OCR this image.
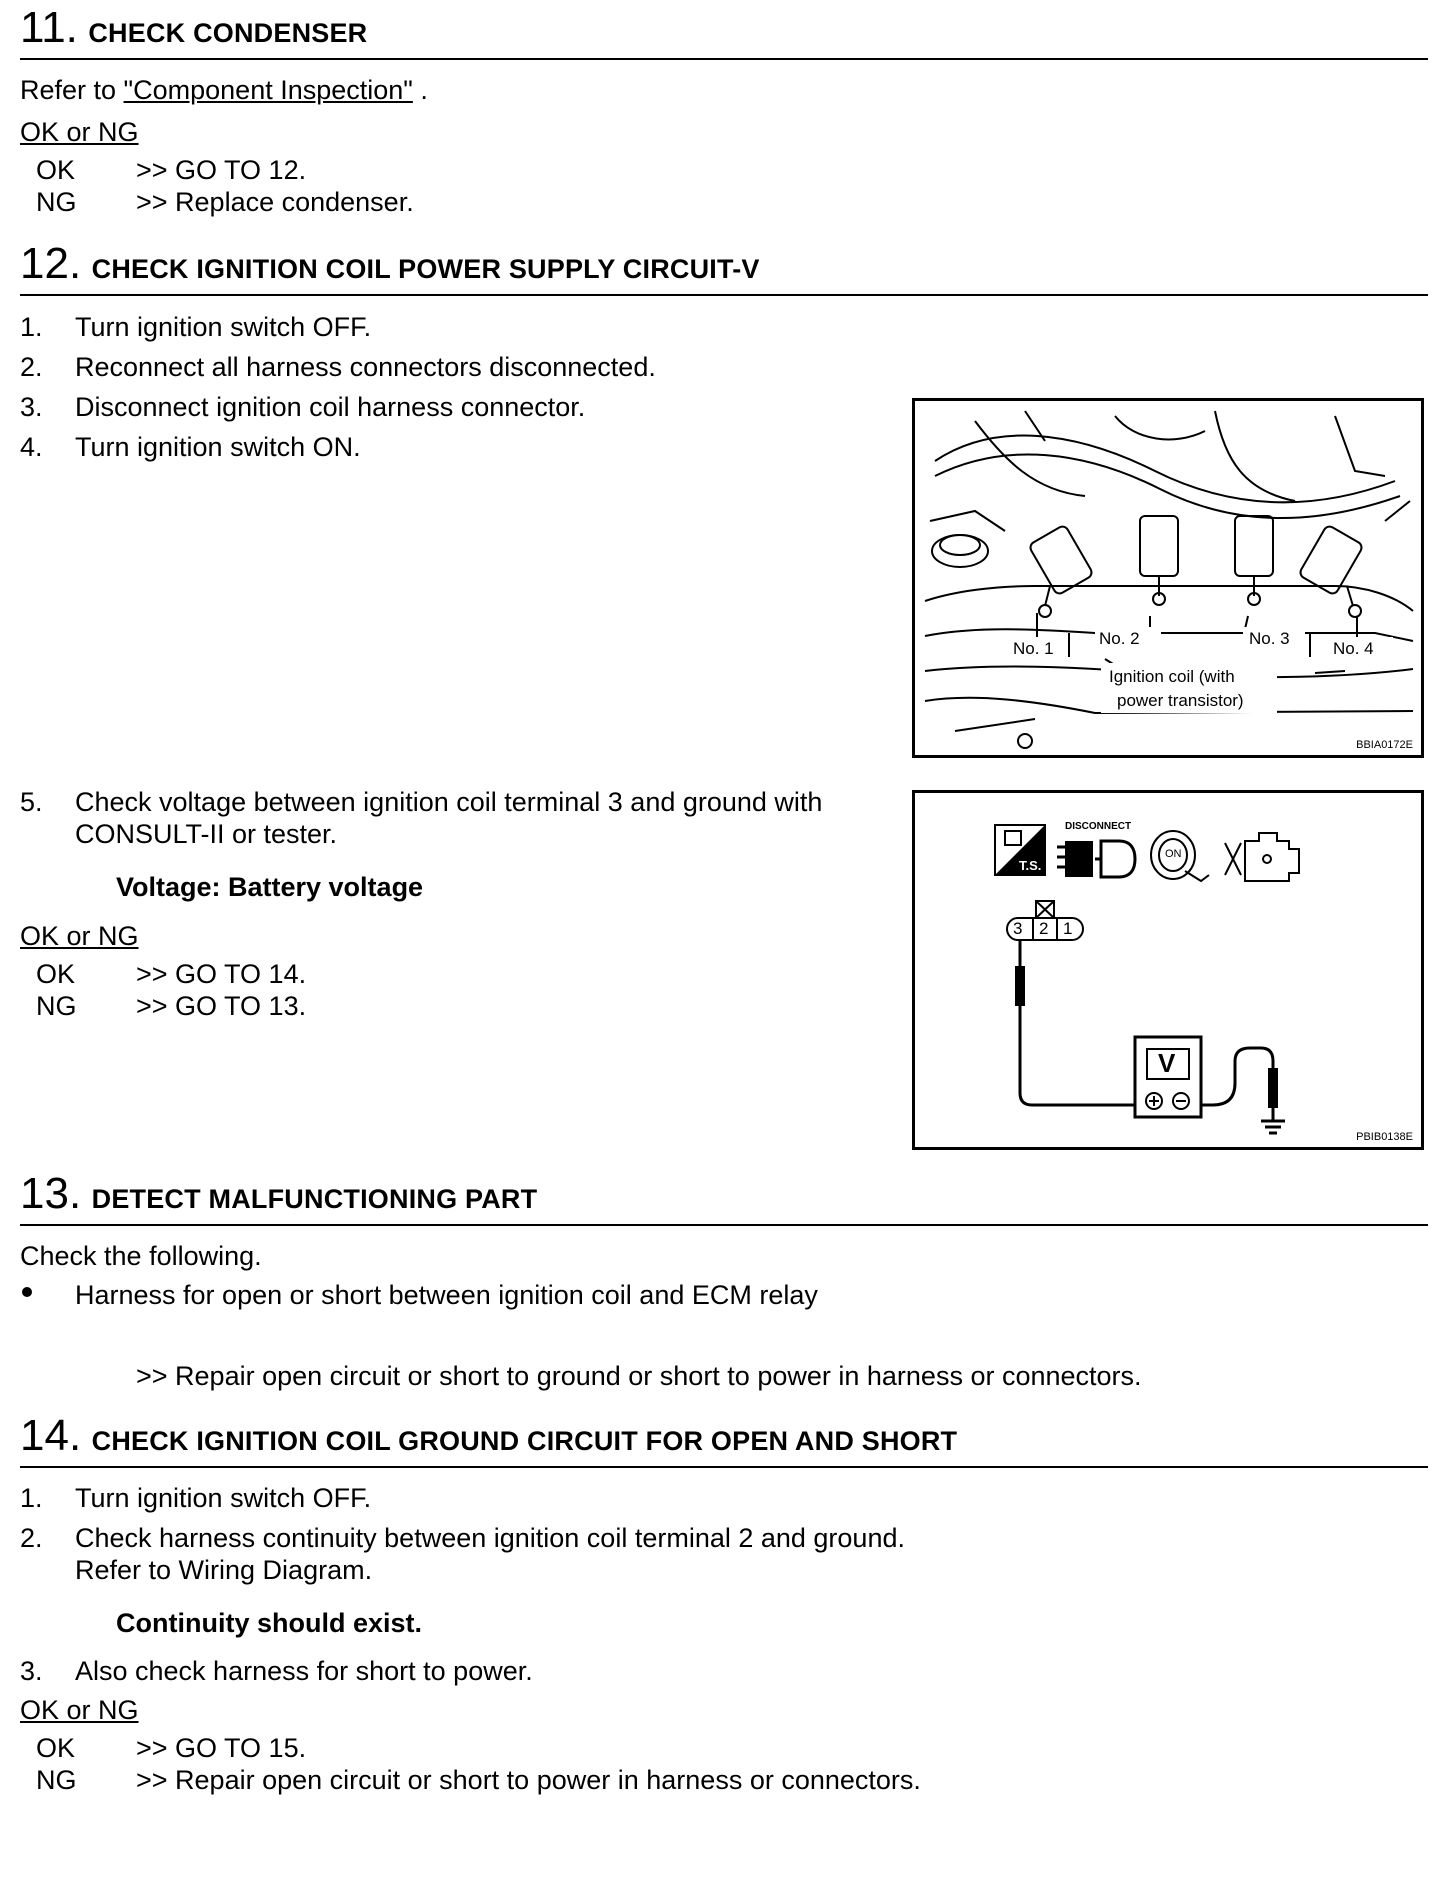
11. CHECK CONDENSER
Refer to "Component Inspection" .
OK or NG
OK >> GO TO 12.
NG >> Replace condenser.
12. CHECK IGNITION COIL POWER SUPPLY CIRCUIT-V
1. Turn ignition switch OFF.
2. Reconnect all harness connectors disconnected.
3. Disconnect ignition coil harness connector.
4. Turn ignition switch ON.
No. 1
No. 2	No. 3
No. 4
Ignition coil (with
power transistor)
BBIA0172E
5. Check voltage between ignition coil terminal 3 and ground with
CONSULT-II or tester.
Voltage: Battery voltage
OK or NG
OK >> GO TO 14.
NG >> GO TO 13.
T.S.
DISCONNECT
ON
3 2 1
V
PBIB0138E
13. DETECT MALFUNCTIONING PART
Check the following.
Harness for open or short between ignition coil and ECM relay
>> Repair open circuit or short to ground or short to power in harness or connectors.
14. CHECK IGNITION COIL GROUND CIRCUIT FOR OPEN AND SHORT
1. Turn ignition switch OFF.
2. Check harness continuity between ignition coil terminal 2 and ground.
Refer to Wiring Diagram.
Continuity should exist.
3. Also check harness for short to power.
OK or NG
OK >> GO TO 15.
NG >> Repair open circuit or short to power in harness or connectors.
